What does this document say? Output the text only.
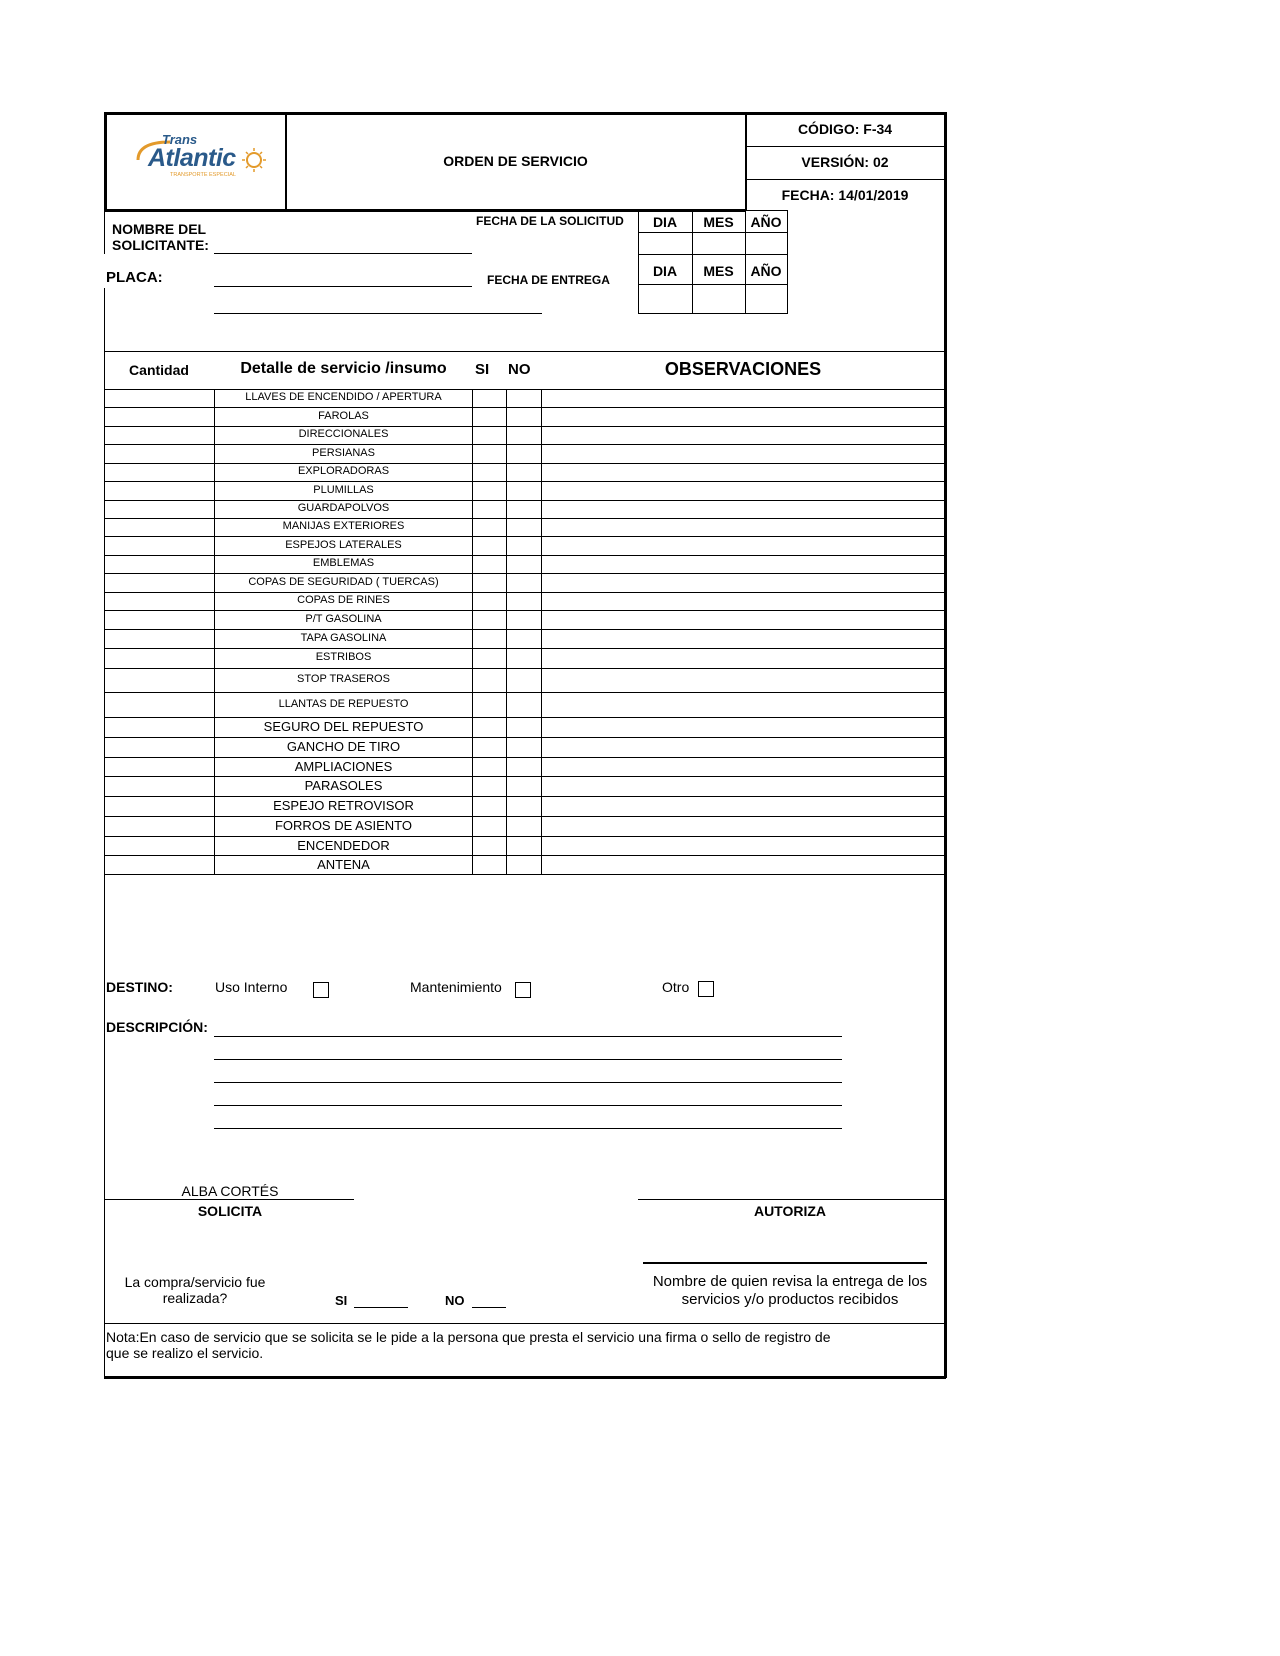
Trans
Atlantic
TRANSPORTE ESPECIAL
ORDEN DE SERVICIO
CÓDIGO: F-34
VERSIÓN: 02
FECHA: 14/01/2019
NOMBRE DEL
SOLICITANTE:
PLACA:
FECHA DE LA SOLICITUD
FECHA DE ENTREGA
DIA	MES	AÑO
DIA	MES	AÑO
Cantidad	Detalle de servicio /insumo	SI NO	OBSERVACIONES
LLAVES DE ENCENDIDO / APERTURA
FAROLAS
DIRECCIONALES
PERSIANAS
EXPLORADORAS
PLUMILLAS
GUARDAPOLVOS
MANIJAS EXTERIORES
ESPEJOS LATERALES
EMBLEMAS
COPAS DE SEGURIDAD ( TUERCAS)
COPAS DE RINES
P/T GASOLINA
TAPA GASOLINA
ESTRIBOS
STOP TRASEROS
LLANTAS DE REPUESTO
SEGURO DEL REPUESTO
GANCHO DE TIRO
AMPLIACIONES
PARASOLES
ESPEJO RETROVISOR
FORROS DE ASIENTO
ENCENDEDOR
ANTENA
DESTINO:	Uso Interno	Mantenimiento	Otro
DESCRIPCIÓN:
ALBA CORTÉS
SOLICITA	AUTORIZA
La compra/servicio fue
realizada?	SI	NO
Nombre de quien revisa la entrega de los
servicios y/o productos recibidos
Nota:En caso de servicio que se solicita se le pide a la persona que presta el servicio una firma o sello de registro de
que se realizo el servicio.
